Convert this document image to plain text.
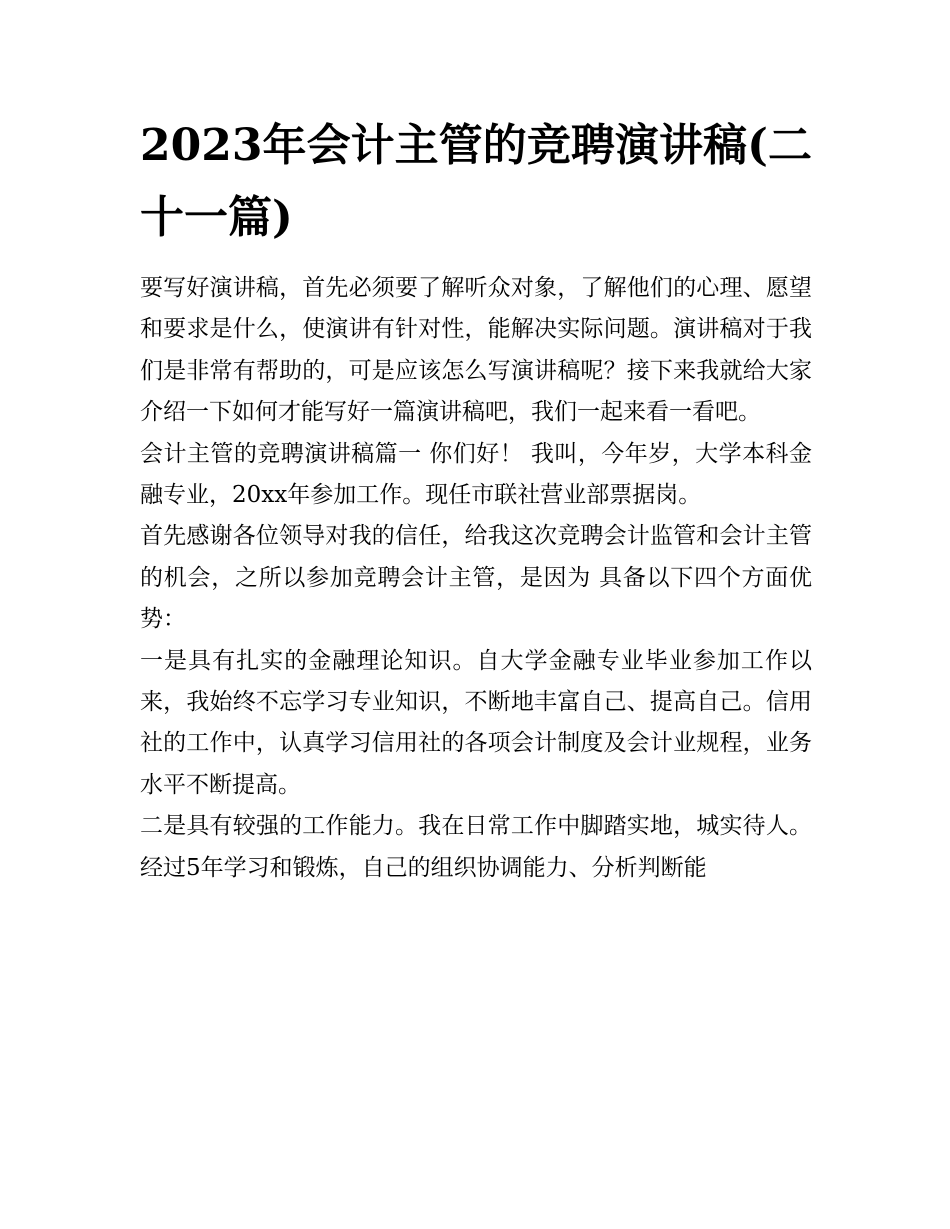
2023年会计主管的竞聘演讲稿(二十一篇)

要写好演讲稿，首先必须要了解听众对象，了解他们的心理、愿望和要求是什么，使演讲有针对性，能解决实际问题。演讲稿对于我们是非常有帮助的，可是应该怎么写演讲稿呢？接下来我就给大家介绍一下如何才能写好一篇演讲稿吧，我们一起来看一看吧。

会计主管的竞聘演讲稿篇一 你们好！ 我叫，今年岁，大学本科金融专业，20xx年参加工作。现任市联社营业部票据岗。

首先感谢各位领导对我的信任，给我这次竞聘会计监管和会计主管的机会，之所以参加竞聘会计主管，是因为 具备以下四个方面优势：

一是具有扎实的金融理论知识。自大学金融专业毕业参加工作以来，我始终不忘学习专业知识，不断地丰富自己、提高自己。信用社的工作中，认真学习信用社的各项会计制度及会计业规程，业务水平不断提高。

二是具有较强的工作能力。我在日常工作中脚踏实地，城实待人。经过5年学习和锻炼，自己的组织协调能力、分析判断能
